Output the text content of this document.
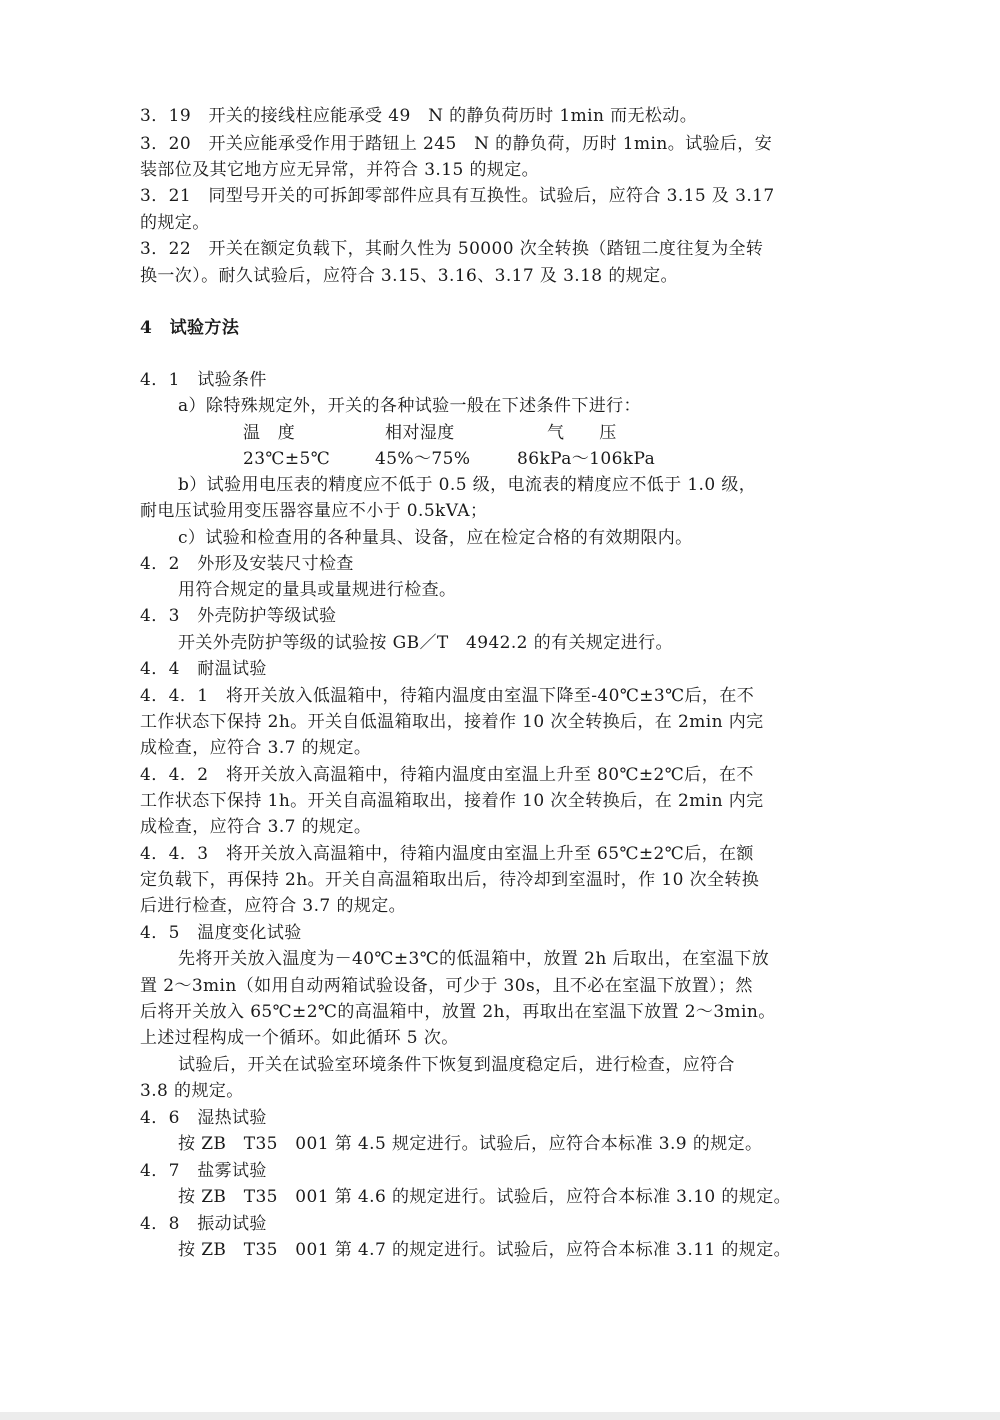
3．19　开关的接线柱应能承受 49　N 的静负荷历时 1min 而无松动。
3．20　开关应能承受作用于踏钮上 245　N 的静负荷，历时 1min。试验后，安
装部位及其它地方应无异常，并符合 3.15 的规定。
3．21　同型号开关的可拆卸零部件应具有互换性。试验后，应符合 3.15 及 3.17
的规定。
3．22　开关在额定负载下，其耐久性为 50000 次全转换（踏钮二度往复为全转
换一次）。耐久试验后，应符合 3.15、3.16、3.17 及 3.18 的规定。
4　试验方法
4．1　试验条件
a）除特殊规定外，开关的各种试验一般在下述条件下进行：
温　度	相对湿度	气　　压
23℃±5℃	45%～75%	86kPa～106kPa
b）试验用电压表的精度应不低于 0.5 级，电流表的精度应不低于 1.0 级，
耐电压试验用变压器容量应不小于 0.5kVA；
c）试验和检查用的各种量具、设备，应在检定合格的有效期限内。
4．2　外形及安装尺寸检查
用符合规定的量具或量规进行检查。
4．3　外壳防护等级试验
开关外壳防护等级的试验按 GB／T　4942.2 的有关规定进行。
4．4　耐温试验
4．4．1　将开关放入低温箱中，待箱内温度由室温下降至-40℃±3℃后，在不
工作状态下保持 2h。开关自低温箱取出，接着作 10 次全转换后，在 2min 内完
成检查，应符合 3.7 的规定。
4．4．2　将开关放入高温箱中，待箱内温度由室温上升至 80℃±2℃后，在不
工作状态下保持 1h。开关自高温箱取出，接着作 10 次全转换后，在 2min 内完
成检查，应符合 3.7 的规定。
4．4．3　将开关放入高温箱中，待箱内温度由室温上升至 65℃±2℃后，在额
定负载下，再保持 2h。开关自高温箱取出后，待冷却到室温时，作 10 次全转换
后进行检查，应符合 3.7 的规定。
4．5　温度变化试验
先将开关放入温度为－40℃±3℃的低温箱中，放置 2h 后取出，在室温下放
置 2～3min（如用自动两箱试验设备，可少于 30s，且不必在室温下放置）；然
后将开关放入 65℃±2℃的高温箱中，放置 2h，再取出在室温下放置 2～3min。
上述过程构成一个循环。如此循环 5 次。
试验后，开关在试验室环境条件下恢复到温度稳定后，进行检查，应符合
3.8 的规定。
4．6　湿热试验
按 ZB　T35　001 第 4.5 规定进行。试验后，应符合本标准 3.9 的规定。
4．7　盐雾试验
按 ZB　T35　001 第 4.6 的规定进行。试验后，应符合本标准 3.10 的规定。
4．8　振动试验
按 ZB　T35　001 第 4.7 的规定进行。试验后，应符合本标准 3.11 的规定。
